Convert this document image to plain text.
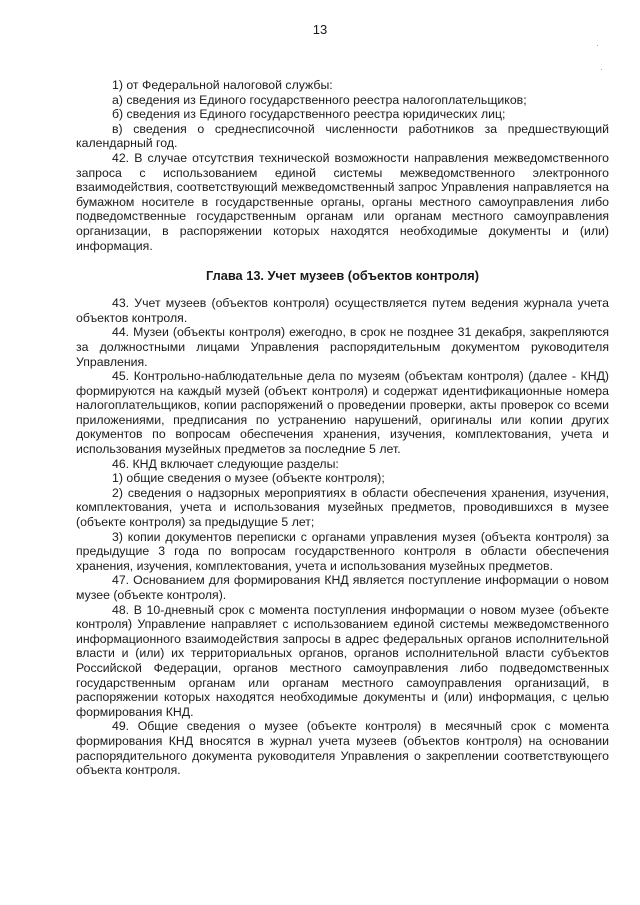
13
·
·

1) от Федеральной налоговой службы:

а) сведения из Единого государственного реестра налогоплательщиков;

б) сведения из Единого государственного реестра юридических лиц;

в) сведения о среднесписочной численности работников за предшествующий календарный год.

42. В случае отсутствия технической возможности направления межведомственного запроса с использованием единой системы межведомственного электронного взаимодействия, соответствующий межведомственный запрос Управления направляется на бумажном носителе в государственные органы, органы местного самоуправления либо подведомственные государственным органам или органам местного самоуправления организации, в распоряжении которых находятся необходимые документы и (или) информация.

Глава 13. Учет музеев (объектов контроля)

43. Учет музеев (объектов контроля) осуществляется путем ведения журнала учета объектов контроля.

44. Музеи (объекты контроля) ежегодно, в срок не позднее 31 декабря, закрепляются за должностными лицами Управления распорядительным документом руководителя Управления.

45. Контрольно-наблюдательные дела по музеям (объектам контроля) (далее - КНД) формируются на каждый музей (объект контроля) и содержат идентификационные номера налогоплательщиков, копии распоряжений о проведении проверки, акты проверок со всеми приложениями, предписания по устранению нарушений, оригиналы или копии других документов по вопросам обеспечения хранения, изучения, комплектования, учета и использования музейных предметов за последние 5 лет.

46. КНД включает следующие разделы:

1) общие сведения о музее (объекте контроля);

2) сведения о надзорных мероприятиях в области обеспечения хранения, изучения, комплектования, учета и использования музейных предметов, проводившихся в музее (объекте контроля) за предыдущие 5 лет;

3) копии документов переписки с органами управления музея (объекта контроля) за предыдущие 3 года по вопросам государственного контроля в области обеспечения хранения, изучения, комплектования, учета и использования музейных предметов.

47. Основанием для формирования КНД является поступление информации о новом музее (объекте контроля).

48. В 10-дневный срок с момента поступления информации о новом музее (объекте контроля) Управление направляет с использованием единой системы межведомственного информационного взаимодействия запросы в адрес федеральных органов исполнительной власти и (или) их территориальных органов, органов исполнительной власти субъектов Российской Федерации, органов местного самоуправления либо подведомственных государственным органам или органам местного самоуправления организаций, в распоряжении которых находятся необходимые документы и (или) информация, с целью формирования КНД.

49. Общие сведения о музее (объекте контроля) в месячный срок с момента формирования КНД вносятся в журнал учета музеев (объектов контроля) на основании распорядительного документа руководителя Управления о закреплении соответствующего объекта контроля.
